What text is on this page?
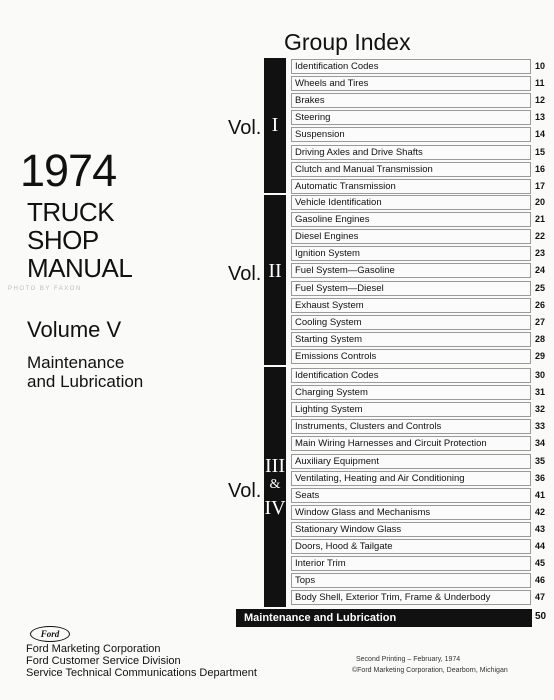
1974
TRUCK
SHOP
MANUAL
PHOTO BY FAXON
Volume V
Maintenance
and Lubrication
Group Index
Vol. I
Vol. II
Vol.
III
&
IV
Identification Codes	10
Wheels and Tires	11
Brakes	12
Steering	13
Suspension	14
Driving Axles and Drive Shafts	15
Clutch and Manual Transmission	16
Automatic Transmission	17
Vehicle Identification	20
Gasoline Engines	21
Diesel Engines	22
Ignition System	23
Fuel System—Gasoline	24
Fuel System—Diesel	25
Exhaust System	26
Cooling System	27
Starting System	28
Emissions Controls	29
Identification Codes	30
Charging System	31
Lighting System	32
Instruments, Clusters and Controls	33
Main Wiring Harnesses and Circuit Protection	34
Auxiliary Equipment	35
Ventilating, Heating and Air Conditioning	36
Seats	41
Window Glass and Mechanisms	42
Stationary Window Glass	43
Doors, Hood & Tailgate	44
Interior Trim	45
Tops	46
Body Shell, Exterior Trim, Frame & Underbody	47
Maintenance and Lubrication	50
Ford
Ford Marketing Corporation
Ford Customer Service Division
Service Technical Communications Department
Second Printing – February, 1974
©Ford Marketing Corporation, Dearborn, Michigan
